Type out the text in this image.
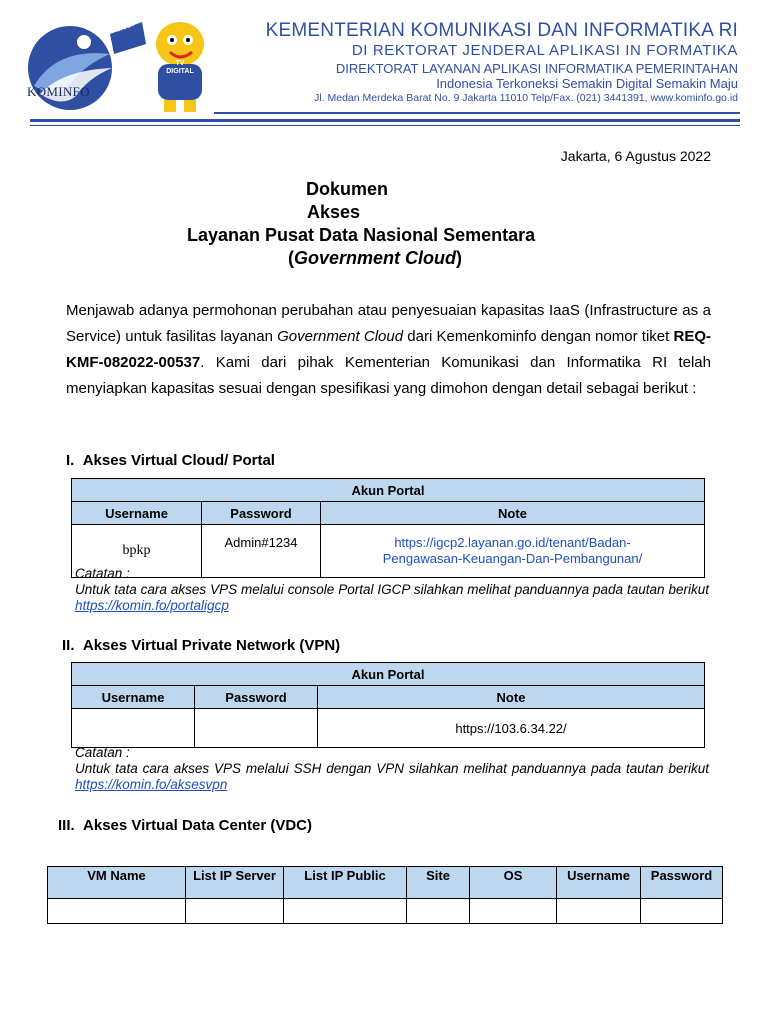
KOMINFO
MODI
TV DIGITAL
KEMENTERIAN KOMUNIKASI DAN INFORMATIKA RI
DI REKTORAT JENDERAL APLIKASI IN FORMATIKA
DIREKTORAT LAYANAN APLIKASI INFORMATIKA PEMERINTAHAN
Indonesia Terkoneksi Semakin Digital Semakin Maju
Jl. Medan Merdeka Barat No. 9 Jakarta 11010 Telp/Fax. (021) 3441391, www.kominfo.go.id
Jakarta, 6 Agustus 2022
Dokumen
Akses
Layanan Pusat Data Nasional Sementara
(Government Cloud)
Menjawab adanya permohonan perubahan atau penyesuaian kapasitas IaaS (Infrastructure as a Service) untuk fasilitas layanan Government Cloud dari Kemenkominfo dengan nomor tiket REQ-KMF-082022-00537. Kami dari pihak Kementerian Komunikasi dan Informatika RI telah menyiapkan kapasitas sesuai dengan spesifikasi yang dimohon dengan detail sebagai berikut :
I. Akses Virtual Cloud/ Portal
Akun Portal		
Username	Password	Note
bpkp	Admin#1234	https://igcp2.layanan.go.id/tenant/Badan-
Pengawasan-Keuangan-Dan-Pembangunan/
Catatan :
Untuk tata cara akses VPS melalui console Portal IGCP silahkan melihat panduannya pada tautan berikut https://komin.fo/portaligcp
II. Akses Virtual Private Network (VPN)
Akun Portal		
Username	Password	Note
		https://103.6.34.22/
Catatan :
Untuk tata cara akses VPS melalui SSH dengan VPN silahkan melihat panduannya pada tautan berikut https://komin.fo/aksesvpn
III. Akses Virtual Data Center (VDC)
VM Name	List IP Server	List IP Public	Site	OS	Username	Password
